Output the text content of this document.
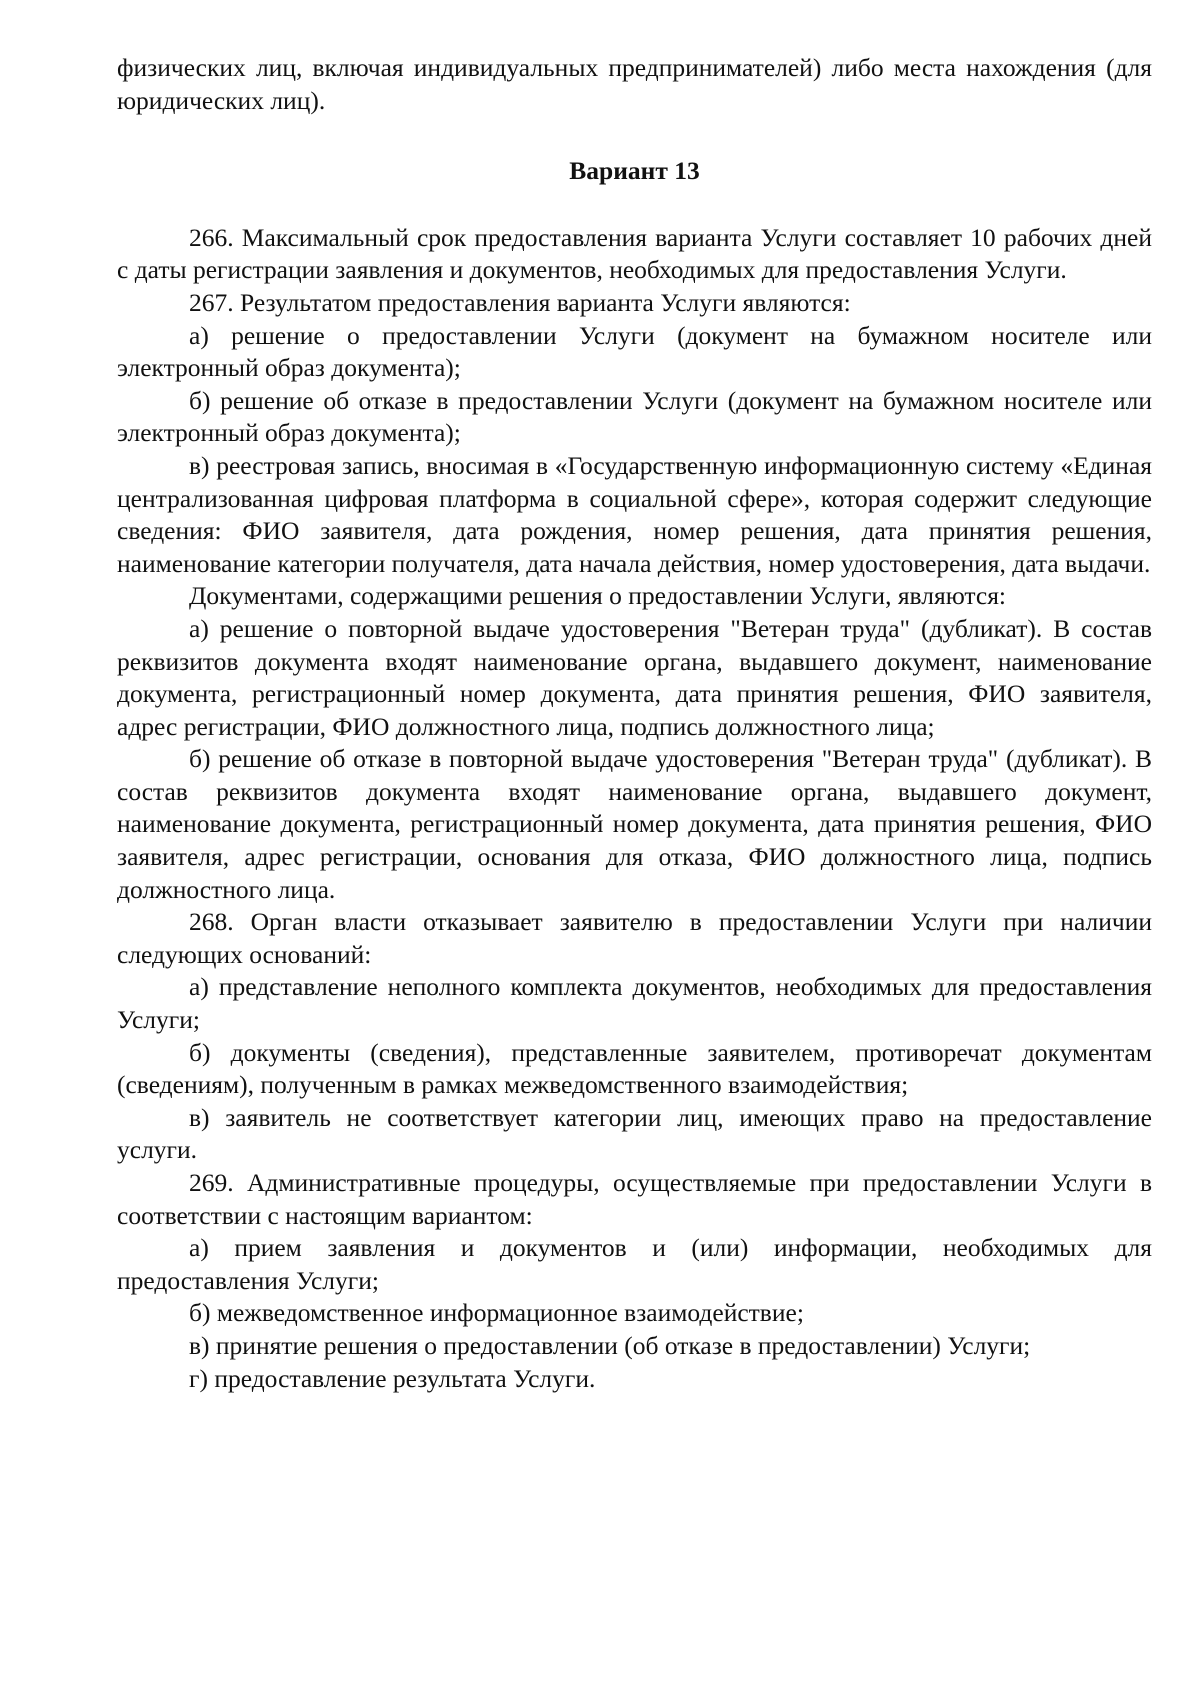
физических лиц, включая индивидуальных предпринимателей) либо места нахождения (для юридических лиц).

Вариант 13

266. Максимальный срок предоставления варианта Услуги составляет 10 рабочих дней с даты регистрации заявления и документов, необходимых для предоставления Услуги.

267. Результатом предоставления варианта Услуги являются:

а) решение о предоставлении Услуги (документ на бумажном носителе или электронный образ документа);

б) решение об отказе в предоставлении Услуги (документ на бумажном носителе или электронный образ документа);

в) реестровая запись, вносимая в «Государственную информационную систему «Единая централизованная цифровая платформа в социальной сфере», которая содержит следующие сведения: ФИО заявителя, дата рождения, номер решения, дата принятия решения, наименование категории получателя, дата начала действия, номер удостоверения, дата выдачи.

Документами, содержащими решения о предоставлении Услуги, являются:

а) решение о повторной выдаче удостоверения "Ветеран труда" (дубликат). В состав реквизитов документа входят наименование органа, выдавшего документ, наименование документа, регистрационный номер документа, дата принятия решения, ФИО заявителя, адрес регистрации, ФИО должностного лица, подпись должностного лица;

б) решение об отказе в повторной выдаче удостоверения "Ветеран труда" (дубликат). В состав реквизитов документа входят наименование органа, выдавшего документ, наименование документа, регистрационный номер документа, дата принятия решения, ФИО заявителя, адрес регистрации, основания для отказа, ФИО должностного лица, подпись должностного лица.

268. Орган власти отказывает заявителю в предоставлении Услуги при наличии следующих оснований:

а) представление неполного комплекта документов, необходимых для предоставления Услуги;

б) документы (сведения), представленные заявителем, противоречат документам (сведениям), полученным в рамках межведомственного взаимодействия;

в) заявитель не соответствует категории лиц, имеющих право на предоставление услуги.

269. Административные процедуры, осуществляемые при предоставлении Услуги в соответствии с настоящим вариантом:

а) прием заявления и документов и (или) информации, необходимых для предоставления Услуги;

б) межведомственное информационное взаимодействие;

в) принятие решения о предоставлении (об отказе в предоставлении) Услуги;

г) предоставление результата Услуги.
